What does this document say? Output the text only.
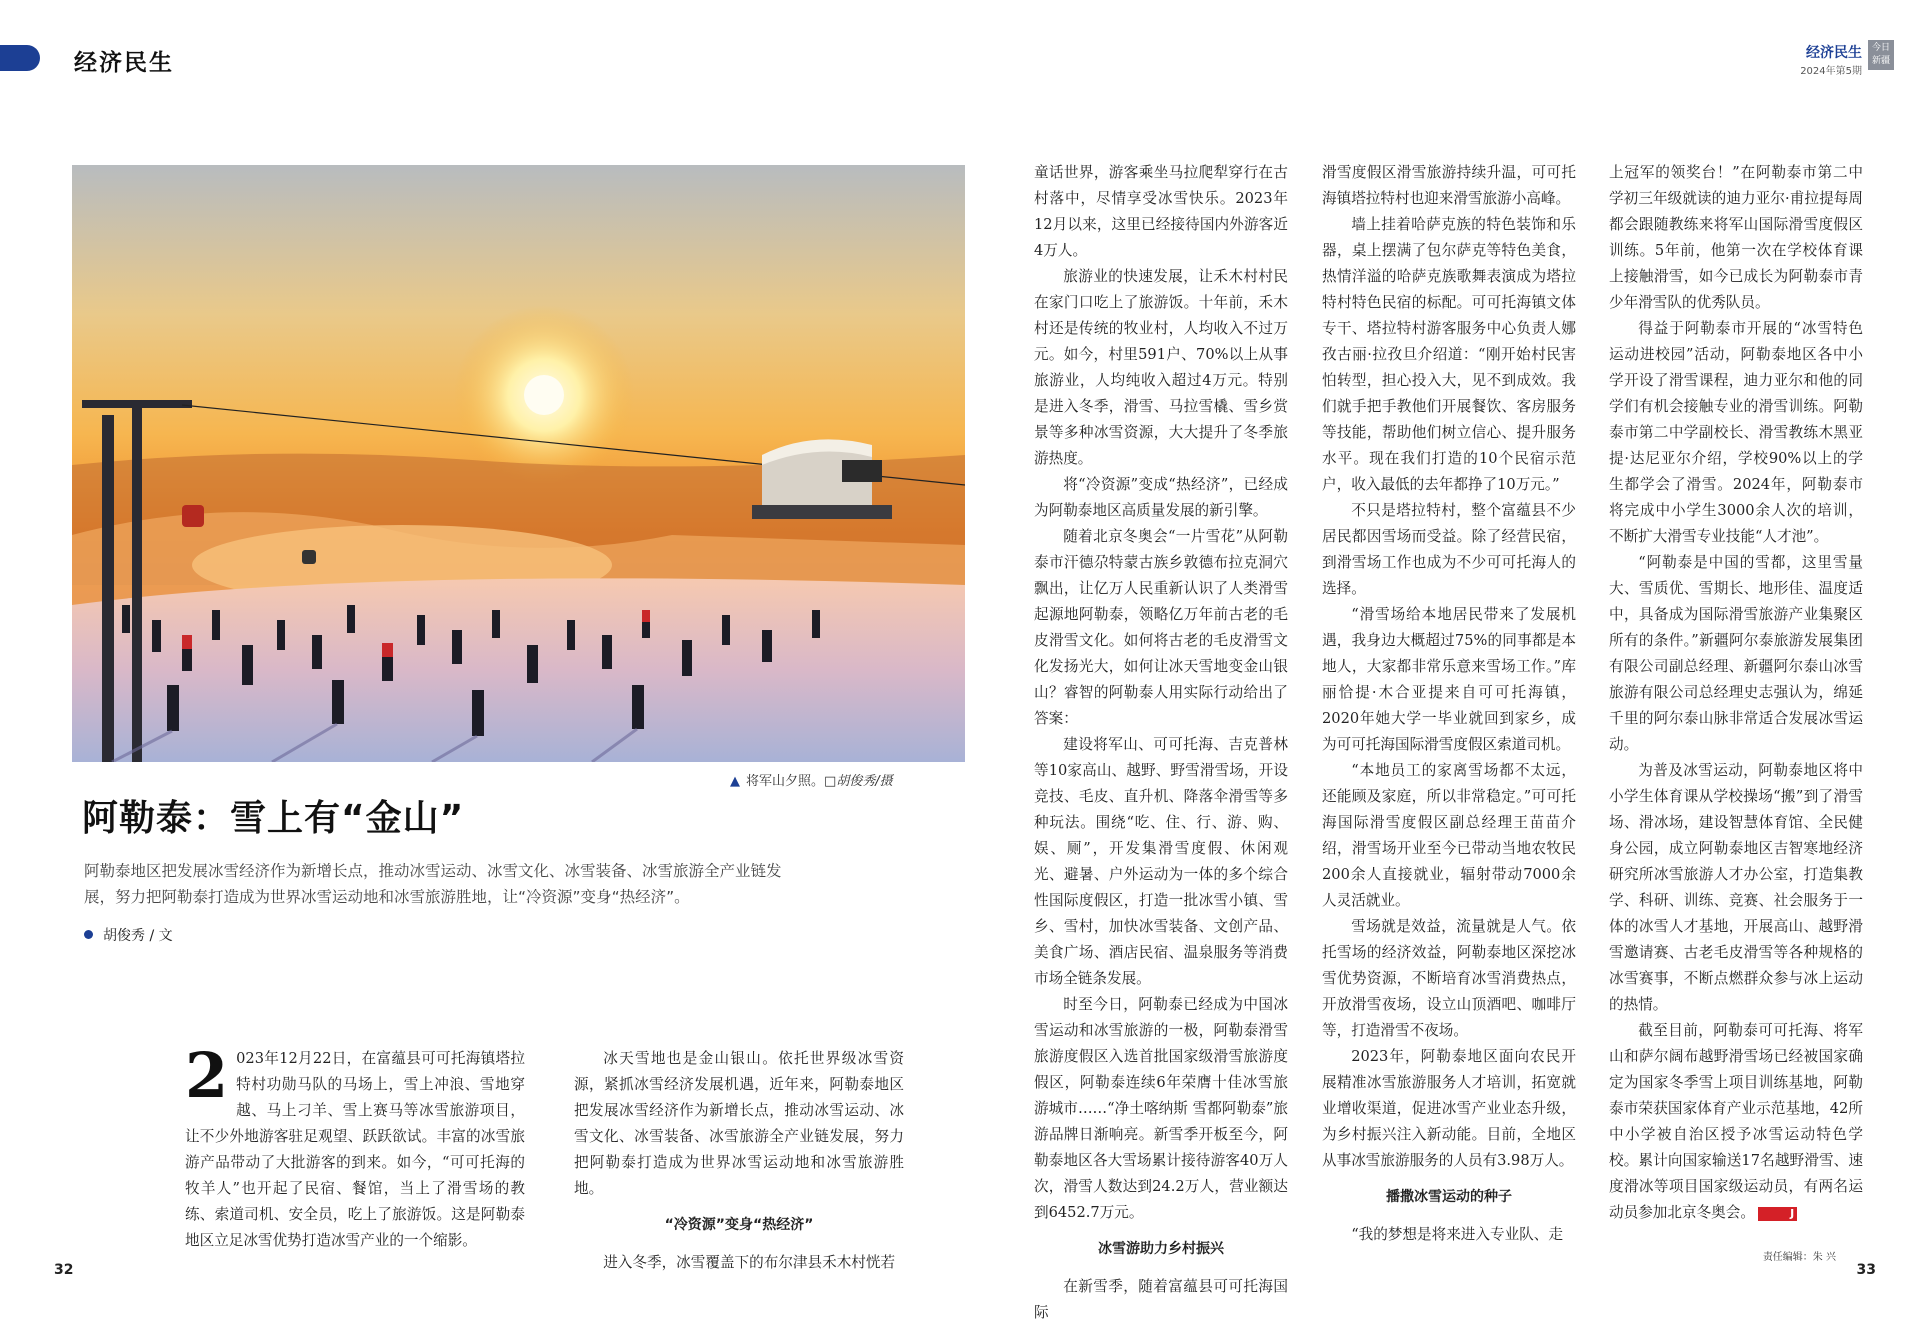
经济民生	经济民生
2024年第5期
今日新疆
▲ 将军山夕照。□胡俊秀/摄
阿勒泰：雪上有“金山”
阿勒泰地区把发展冰雪经济作为新增长点，推动冰雪运动、冰雪文化、冰雪装备、冰雪旅游全产业链发展，努力把阿勒泰打造成为世界冰雪运动地和冰雪旅游胜地，让“冷资源”变身“热经济”。
胡俊秀 / 文

2 023年12月22日，在富蕴县可可托海镇塔拉特村功勋马队的马场上，雪上冲浪、雪地穿越、马上刁羊、雪上赛马等冰雪旅游项目，让不少外地游客驻足观望、跃跃欲试。丰富的冰雪旅游产品带动了大批游客的到来。如今，“可可托海的牧羊人”也开起了民宿、餐馆，当上了滑雪场的教练、索道司机、安全员，吃上了旅游饭。这是阿勒泰地区立足冰雪优势打造冰雪产业的一个缩影。

冰天雪地也是金山银山。依托世界级冰雪资源，紧抓冰雪经济发展机遇，近年来，阿勒泰地区把发展冰雪经济作为新增长点，推动冰雪运动、冰雪文化、冰雪装备、冰雪旅游全产业链发展，努力把阿勒泰打造成为世界冰雪运动地和冰雪旅游胜地。

“冷资源”变身“热经济”

进入冬季，冰雪覆盖下的布尔津县禾木村恍若

童话世界，游客乘坐马拉爬犁穿行在古村落中，尽情享受冰雪快乐。2023年12月以来，这里已经接待国内外游客近4万人。

旅游业的快速发展，让禾木村村民在家门口吃上了旅游饭。十年前，禾木村还是传统的牧业村，人均收入不过万元。如今，村里591户、70%以上从事旅游业，人均纯收入超过4万元。特别是进入冬季，滑雪、马拉雪橇、雪乡赏景等多种冰雪资源，大大提升了冬季旅游热度。

将“冷资源”变成“热经济”，已经成为阿勒泰地区高质量发展的新引擎。

随着北京冬奥会“一片雪花”从阿勒泰市汗德尕特蒙古族乡敦德布拉克洞穴飘出，让亿万人民重新认识了人类滑雪起源地阿勒泰，领略亿万年前古老的毛皮滑雪文化。如何将古老的毛皮滑雪文化发扬光大，如何让冰天雪地变金山银山？睿智的阿勒泰人用实际行动给出了答案：

建设将军山、可可托海、吉克普林等10家高山、越野、野雪滑雪场，开设竞技、毛皮、直升机、降落伞滑雪等多种玩法。围绕“吃、住、行、游、购、娱、厕”，开发集滑雪度假、休闲观光、避暑、户外运动为一体的多个综合性国际度假区，打造一批冰雪小镇、雪乡、雪村，加快冰雪装备、文创产品、美食广场、酒店民宿、温泉服务等消费市场全链条发展。

时至今日，阿勒泰已经成为中国冰雪运动和冰雪旅游的一极，阿勒泰滑雪旅游度假区入选首批国家级滑雪旅游度假区，阿勒泰连续6年荣膺十佳冰雪旅游城市……“净土喀纳斯 雪都阿勒泰”旅游品牌日渐响亮。新雪季开板至今，阿勒泰地区各大雪场累计接待游客40万人次，滑雪人数达到24.2万人，营业额达到6452.7万元。

冰雪游助力乡村振兴

在新雪季，随着富蕴县可可托海国际

滑雪度假区滑雪旅游持续升温，可可托海镇塔拉特村也迎来滑雪旅游小高峰。

墙上挂着哈萨克族的特色装饰和乐器，桌上摆满了包尔萨克等特色美食，热情洋溢的哈萨克族歌舞表演成为塔拉特村特色民宿的标配。可可托海镇文体专干、塔拉特村游客服务中心负责人娜孜古丽·拉孜旦介绍道：“刚开始村民害怕转型，担心投入大，见不到成效。我们就手把手教他们开展餐饮、客房服务等技能，帮助他们树立信心、提升服务水平。现在我们打造的10个民宿示范户，收入最低的去年都挣了10万元。”

不只是塔拉特村，整个富蕴县不少居民都因雪场而受益。除了经营民宿，到滑雪场工作也成为不少可可托海人的选择。

“滑雪场给本地居民带来了发展机遇，我身边大概超过75%的同事都是本地人，大家都非常乐意来雪场工作。”库丽恰提·木合亚提来自可可托海镇，2020年她大学一毕业就回到家乡，成为可可托海国际滑雪度假区索道司机。

“本地员工的家离雪场都不太远，还能顾及家庭，所以非常稳定。”可可托海国际滑雪度假区副总经理王苗苗介绍，滑雪场开业至今已带动当地农牧民200余人直接就业，辐射带动7000余人灵活就业。

雪场就是效益，流量就是人气。依托雪场的经济效益，阿勒泰地区深挖冰雪优势资源，不断培育冰雪消费热点，开放滑雪夜场，设立山顶酒吧、咖啡厅等，打造滑雪不夜场。

2023年，阿勒泰地区面向农民开展精准冰雪旅游服务人才培训，拓宽就业增收渠道，促进冰雪产业业态升级，为乡村振兴注入新动能。目前，全地区从事冰雪旅游服务的人员有3.98万人。

播撒冰雪运动的种子

“我的梦想是将来进入专业队、走

上冠军的领奖台！”在阿勒泰市第二中学初三年级就读的迪力亚尔·甫拉提每周都会跟随教练来将军山国际滑雪度假区训练。5年前，他第一次在学校体育课上接触滑雪，如今已成长为阿勒泰市青少年滑雪队的优秀队员。

得益于阿勒泰市开展的“冰雪特色运动进校园”活动，阿勒泰地区各中小学开设了滑雪课程，迪力亚尔和他的同学们有机会接触专业的滑雪训练。阿勒泰市第二中学副校长、滑雪教练木黑亚提·达尼亚尔介绍，学校90%以上的学生都学会了滑雪。2024年，阿勒泰市将完成中小学生3000余人次的培训，不断扩大滑雪专业技能“人才池”。

“阿勒泰是中国的雪都，这里雪量大、雪质优、雪期长、地形佳、温度适中，具备成为国际滑雪旅游产业集聚区所有的条件。”新疆阿尔泰旅游发展集团有限公司副总经理、新疆阿尔泰山冰雪旅游有限公司总经理史志强认为，绵延千里的阿尔泰山脉非常适合发展冰雪运动。

为普及冰雪运动，阿勒泰地区将中小学生体育课从学校操场“搬”到了滑雪场、滑冰场，建设智慧体育馆、全民健身公园，成立阿勒泰地区吉智寒地经济研究所冰雪旅游人才办公室，打造集教学、科研、训练、竞赛、社会服务于一体的冰雪人才基地，开展高山、越野滑雪邀请赛、古老毛皮滑雪等各种规格的冰雪赛事，不断点燃群众参与冰上运动的热情。

截至目前，阿勒泰可可托海、将军山和萨尔阔布越野滑雪场已经被国家确定为国家冬季雪上项目训练基地，阿勒泰市荣获国家体育产业示范基地，42所中小学被自治区授予冰雪运动特色学校。累计向国家输送17名越野滑雪、速度滑冰等项目国家级运动员，有两名运动员参加北京冬奥会。	J

32
责任编辑：朱 兴
33
